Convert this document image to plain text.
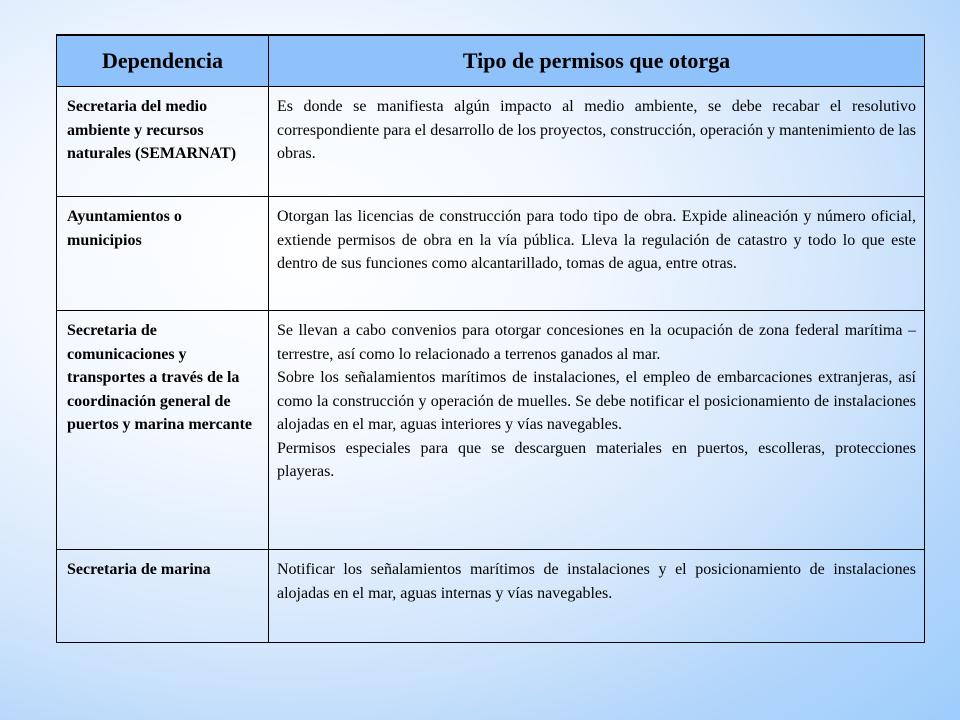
Dependencia	Tipo de permisos que otorga
Secretaria del medio ambiente y recursos naturales (SEMARNAT)	Es donde se manifiesta algún impacto al medio ambiente, se debe recabar el resolutivo correspondiente para el desarrollo de los proyectos, construcción, operación y mantenimiento de las obras.

Ayuntamientos o municipios	Otorgan las licencias de construcción para todo tipo de obra. Expide alineación y número oficial, extiende permisos de obra en la vía pública. Lleva la regulación de catastro y todo lo que este dentro de sus funciones como alcantarillado, tomas de agua, entre otras.

Secretaria de comunicaciones y transportes a través de la coordinación general de puertos y marina mercante	Se llevan a cabo convenios para otorgar concesiones en la ocupación de zona federal marítima – terrestre, así como lo relacionado a terrenos ganados al mar.

Sobre los señalamientos marítimos de instalaciones, el empleo de embarcaciones extranjeras, así como la construcción y operación de muelles. Se debe notificar el posicionamiento de instalaciones alojadas en el mar, aguas interiores y vías navegables.

Permisos especiales para que se descarguen materiales en puertos, escolleras, protecciones playeras.

Secretaria de marina	Notificar los señalamientos marítimos de instalaciones y el posicionamiento de instalaciones alojadas en el mar, aguas internas y vías navegables.
